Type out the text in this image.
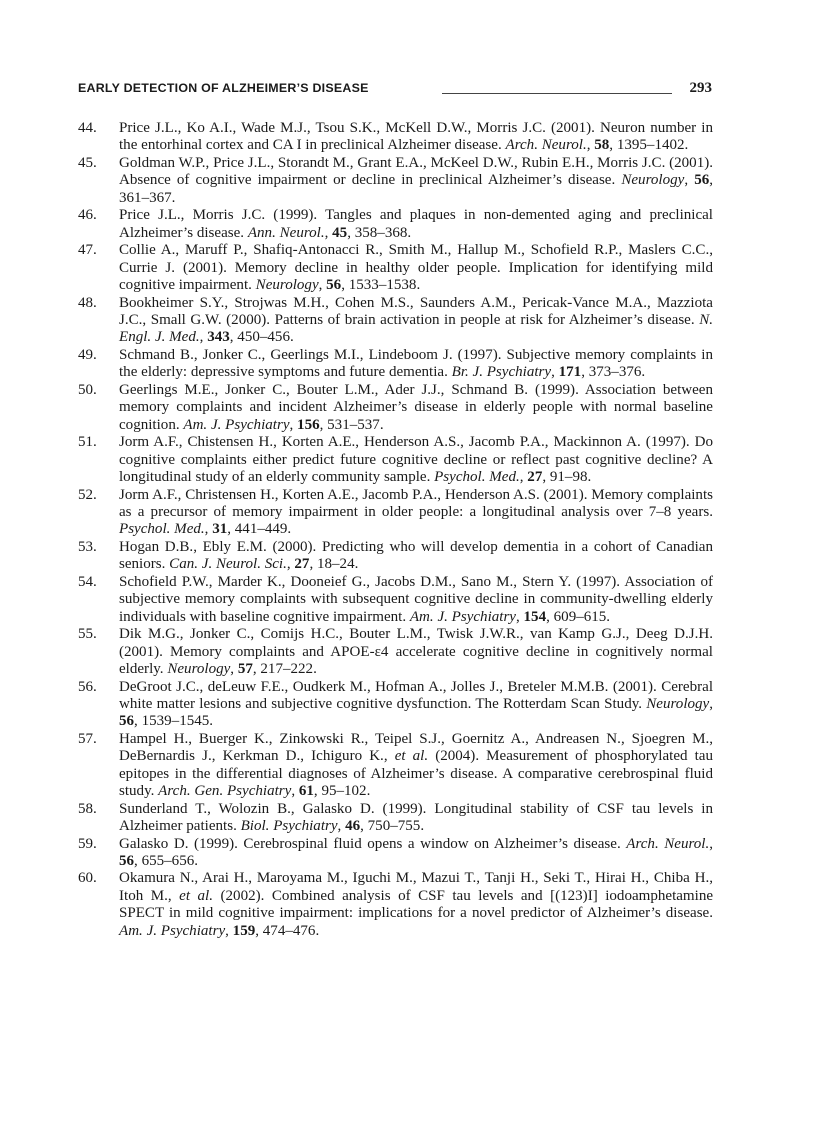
EARLY DETECTION OF ALZHEIMER’S DISEASE	293
44. Price J.L., Ko A.I., Wade M.J., Tsou S.K., McKell D.W., Morris J.C. (2001). Neuron number in the entorhinal cortex and CA I in preclinical Alzheimer disease. Arch. Neurol., 58, 1395–1402.
45. Goldman W.P., Price J.L., Storandt M., Grant E.A., McKeel D.W., Rubin E.H., Morris J.C. (2001). Absence of cognitive impairment or decline in preclinical Alzheimer’s disease. Neurology, 56, 361–367.
46. Price J.L., Morris J.C. (1999). Tangles and plaques in non-demented aging and preclinical Alzheimer’s disease. Ann. Neurol., 45, 358–368.
47. Collie A., Maruff P., Shafiq-Antonacci R., Smith M., Hallup M., Schofield R.P., Maslers C.C., Currie J. (2001). Memory decline in healthy older people. Implication for identifying mild cognitive impairment. Neurology, 56, 1533–1538.
48. Bookheimer S.Y., Strojwas M.H., Cohen M.S., Saunders A.M., Pericak-Vance M.A., Mazziota J.C., Small G.W. (2000). Patterns of brain activation in people at risk for Alzheimer’s disease. N. Engl. J. Med., 343, 450–456.
49. Schmand B., Jonker C., Geerlings M.I., Lindeboom J. (1997). Subjective memory complaints in the elderly: depressive symptoms and future dementia. Br. J. Psychiatry, 171, 373–376.
50. Geerlings M.E., Jonker C., Bouter L.M., Ader J.J., Schmand B. (1999). Association between memory complaints and incident Alzheimer’s disease in elderly people with normal baseline cognition. Am. J. Psychiatry, 156, 531–537.
51. Jorm A.F., Chistensen H., Korten A.E., Henderson A.S., Jacomb P.A., Mackinnon A. (1997). Do cognitive complaints either predict future cognitive decline or reflect past cognitive decline? A longitudinal study of an elderly community sample. Psychol. Med., 27, 91–98.
52. Jorm A.F., Christensen H., Korten A.E., Jacomb P.A., Henderson A.S. (2001). Memory complaints as a precursor of memory impairment in older people: a longitudinal analysis over 7–8 years. Psychol. Med., 31, 441–449.
53. Hogan D.B., Ebly E.M. (2000). Predicting who will develop dementia in a cohort of Canadian seniors. Can. J. Neurol. Sci., 27, 18–24.
54. Schofield P.W., Marder K., Dooneief G., Jacobs D.M., Sano M., Stern Y. (1997). Association of subjective memory complaints with subsequent cognitive decline in community-dwelling elderly individuals with baseline cognitive impairment. Am. J. Psychiatry, 154, 609–615.
55. Dik M.G., Jonker C., Comijs H.C., Bouter L.M., Twisk J.W.R., van Kamp G.J., Deeg D.J.H. (2001). Memory complaints and APOE-ε4 accelerate cognitive decline in cognitively normal elderly. Neurology, 57, 217–222.
56. DeGroot J.C., deLeuw F.E., Oudkerk M., Hofman A., Jolles J., Breteler M.M.B. (2001). Cerebral white matter lesions and subjective cognitive dysfunction. The Rotterdam Scan Study. Neurology, 56, 1539–1545.
57. Hampel H., Buerger K., Zinkowski R., Teipel S.J., Goernitz A., Andreasen N., Sjoegren M., DeBernardis J., Kerkman D., Ichiguro K., et al. (2004). Measurement of phosphorylated tau epitopes in the differential diagnoses of Alzheimer’s disease. A comparative cerebrospinal fluid study. Arch. Gen. Psychiatry, 61, 95–102.
58. Sunderland T., Wolozin B., Galasko D. (1999). Longitudinal stability of CSF tau levels in Alzheimer patients. Biol. Psychiatry, 46, 750–755.
59. Galasko D. (1999). Cerebrospinal fluid opens a window on Alzheimer’s disease. Arch. Neurol., 56, 655–656.
60. Okamura N., Arai H., Maroyama M., Iguchi M., Mazui T., Tanji H., Seki T., Hirai H., Chiba H., Itoh M., et al. (2002). Combined analysis of CSF tau levels and [(123)I] iodoamphetamine SPECT in mild cognitive impairment: implications for a novel predictor of Alzheimer’s disease. Am. J. Psychiatry, 159, 474–476.
